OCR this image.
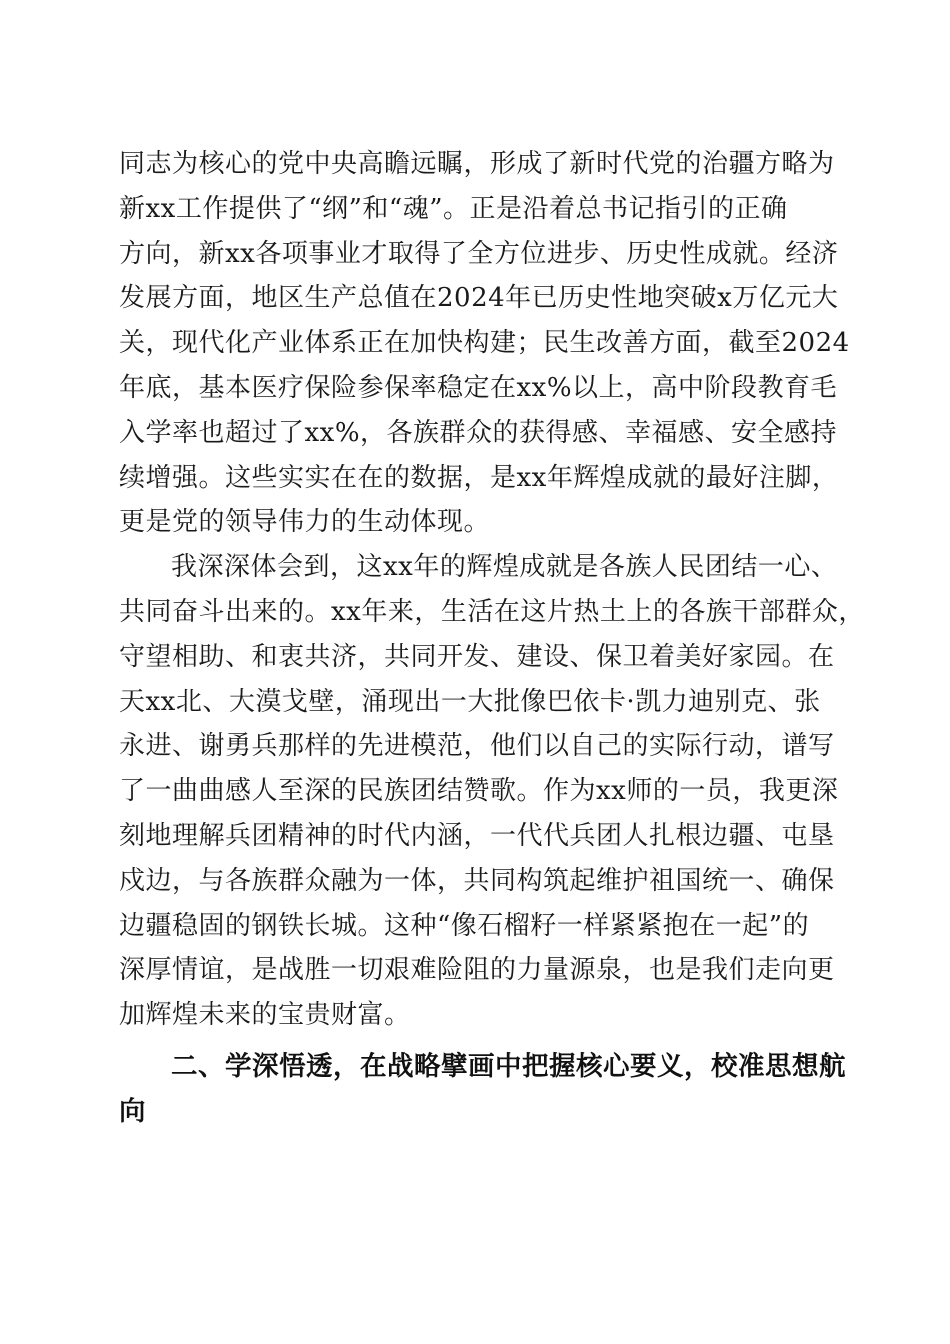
同志为核心的党中央高瞻远瞩，形成了新时代党的治疆方略为
新xx工作提供了“纲”和“魂”。正是沿着总书记指引的正确
方向，新xx各项事业才取得了全方位进步、历史性成就。经济
发展方面，地区生产总值在2024年已历史性地突破x万亿元大
关，现代化产业体系正在加快构建；民生改善方面，截至2024
年底，基本医疗保险参保率稳定在xx%以上，高中阶段教育毛
入学率也超过了xx%，各族群众的获得感、幸福感、安全感持
续增强。这些实实在在的数据，是xx年辉煌成就的最好注脚，
更是党的领导伟力的生动体现。
我深深体会到，这xx年的辉煌成就是各族人民团结一心、
共同奋斗出来的。xx年来，生活在这片热土上的各族干部群众，
守望相助、和衷共济，共同开发、建设、保卫着美好家园。在
天xx北、大漠戈壁，涌现出一大批像巴依卡·凯力迪别克、张
永进、谢勇兵那样的先进模范，他们以自己的实际行动，谱写
了一曲曲感人至深的民族团结赞歌。作为xx师的一员，我更深
刻地理解兵团精神的时代内涵，一代代兵团人扎根边疆、屯垦
戍边，与各族群众融为一体，共同构筑起维护祖国统一、确保
边疆稳固的钢铁长城。这种“像石榴籽一样紧紧抱在一起”的
深厚情谊，是战胜一切艰难险阻的力量源泉，也是我们走向更
加辉煌未来的宝贵财富。
二、学深悟透，在战略擘画中把握核心要义，校准思想航
向
